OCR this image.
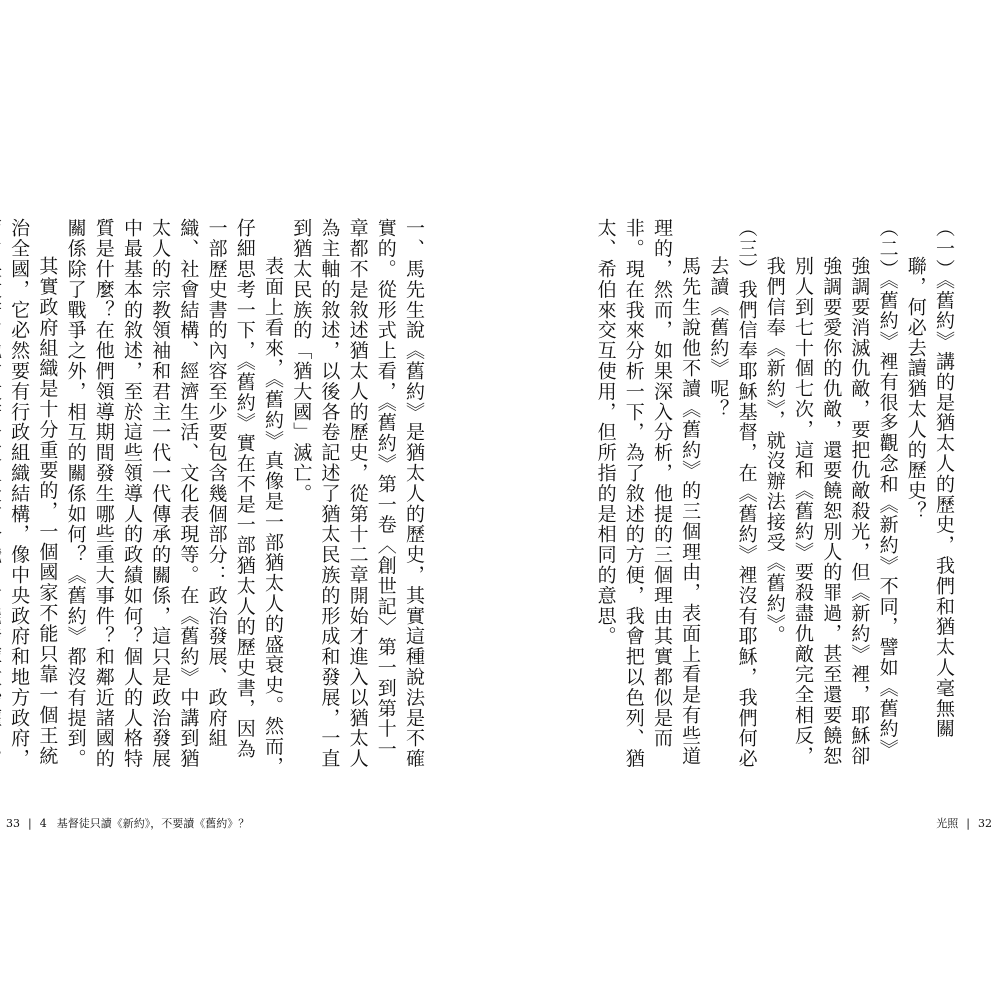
（一）《舊約》講的是猶太人的歷史，我們和猶太人毫無關聯，何必去讀猶太人的歷史？

（二）《舊約》裡有很多觀念和《新約》不同，譬如《舊約》強調要消滅仇敵，要把仇敵殺光，但《新約》裡，耶穌卻強調要愛你的仇敵，還要饒恕別人的罪過，甚至還要饒恕別人到七十個七次，這和《舊約》要殺盡仇敵完全相反，我們信奉《新約》，就沒辦法接受《舊約》。

（三）我們信奉耶穌基督，在《舊約》裡沒有耶穌，我們何必去讀《舊約》呢？

馬先生說他不讀《舊約》的三個理由，表面上看是有些道理的，然而，如果深入分析，他提的三個理由其實都似是而非。現在我來分析一下，為了敘述的方便，我會把以色列、猶太、希伯來交互使用，但所指的是相同的意思。

一、馬先生說《舊約》是猶太人的歷史，其實這種說法是不確實的。從形式上看，《舊約》第一卷〈創世記〉第一到第十一章都不是敘述猶太人的歷史，從第十二章開始才進入以猶太人為主軸的敘述，以後各卷記述了猶太民族的形成和發展，一直到猶太民族的「猶大國」滅亡。

表面上看來，《舊約》真像是一部猶太人的盛衰史。然而，仔細思考一下，《舊約》實在不是一部猶太人的歷史書，因為一部歷史書的內容至少要包含幾個部分：政治發展、政府組織、社會結構、經濟生活、文化表現等。在《舊約》中講到猶太人的宗教領袖和君主一代一代傳承的關係，這只是政治發展中最基本的敘述，至於這些領導人的政績如何？個人的人格特質是什麼？在他們領導期間發生哪些重大事件？和鄰近諸國的關係除了戰爭之外，相互的關係如何？《舊約》都沒有提到。

其實政府組織是十分重要的，一個國家不能只靠一個王統治全國，它必然要有行政組織結構，像中央政府和地方政府，

33 | 4 基督徒只讀《新約》，不要讀《舊約》？	光照 | 32
